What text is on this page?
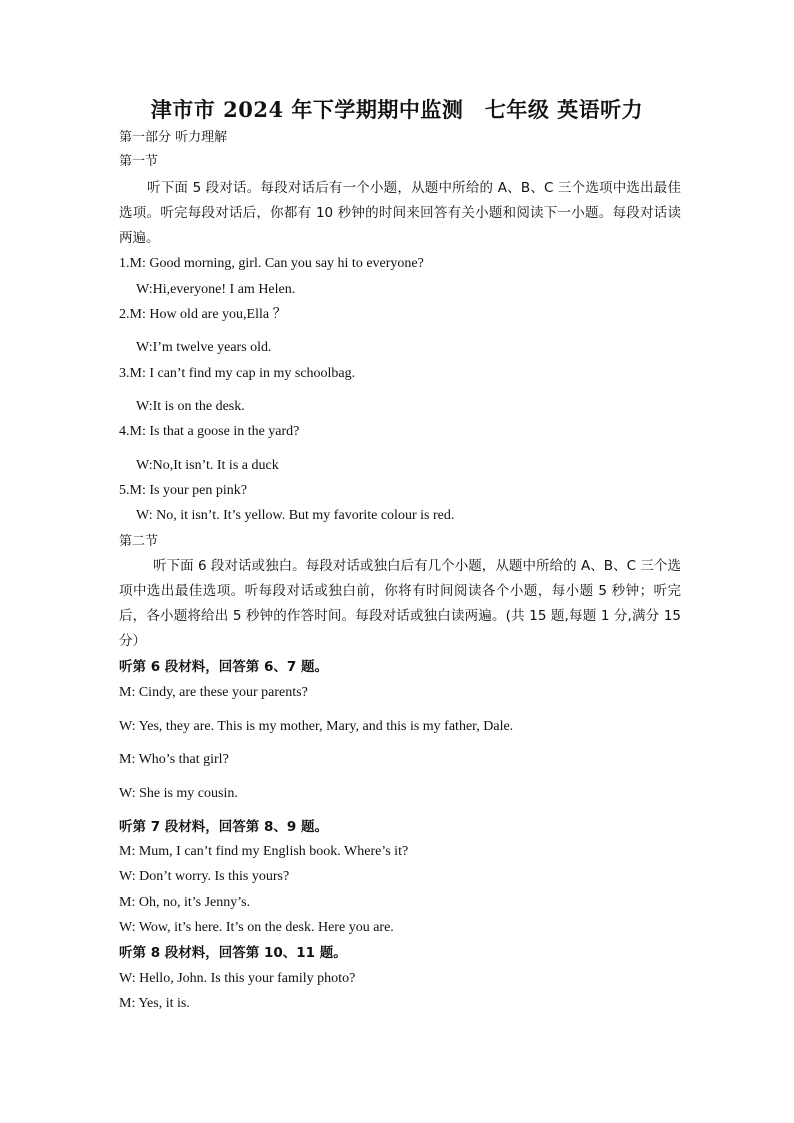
津市市 2024 年下学期期中监测　七年级 英语听力
第一部分 听力理解
第一节
听下面 5 段对话。每段对话后有一个小题，从题中所给的 A、B、C 三个选项中选出最佳选项。听完每段对话后，你都有 10 秒钟的时间来回答有关小题和阅读下一小题。每段对话读两遍。
1.M: Good morning, girl. Can you say hi to everyone?
W:Hi,everyone! I am Helen.
2.M: How old are you,Ella ？
W:I’m twelve years old.
3.M: I can’t find my cap in my schoolbag.
W:It is on the desk.
4.M: Is that a goose in the yard?
W:No,It isn’t. It is a duck
5.M: Is your pen pink?
W: No, it isn’t. It’s yellow. But my favorite colour is red.
第二节
听下面 6 段对话或独白。每段对话或独白后有几个小题，从题中所给的 A、B、C 三个选项中选出最佳选项。听每段对话或独白前，你将有时间阅读各个小题，每小题 5 秒钟；听完后，各小题将给出 5 秒钟的作答时间。每段对话或独白读两遍。(共 15 题,每题 1 分,满分 15 分）
听第 6 段材料，回答第 6、7 题。
M: Cindy, are these your parents?
W: Yes, they are. This is my mother, Mary, and this is my father, Dale.
M: Who’s that girl?
W: She is my cousin.
听第 7 段材料，回答第 8、9 题。
M: Mum, I can’t find my English book. Where’s it?
W: Don’t worry. Is this yours?
M: Oh, no, it’s Jenny’s.
W: Wow, it’s here. It’s on the desk. Here you are.
听第 8 段材料，回答第 10、11 题。
W: Hello, John. Is this your family photo?
M: Yes, it is.
